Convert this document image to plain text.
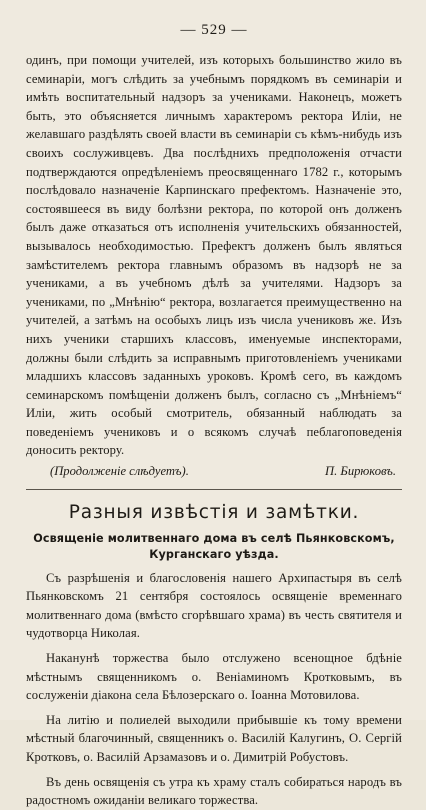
— 529 —

одинъ, при помощи учителей, изъ которыхъ большинство жило въ семинаріи, могъ слѣдить за учебнымъ порядкомъ въ семинаріи и имѣть воспитательный надзоръ за учениками. Наконецъ, можетъ быть, это объясняется личнымъ характеромъ ректора Иліи, не желавшаго раздѣлять своей власти въ семинаріи съ кѣмъ-нибудь изъ своихъ сослуживцевъ. Два послѣднихъ предположенія отчасти подтверждаются опредѣленіемъ преосвященнаго 1782 г., которымъ послѣдовало назначеніе Карпинскаго префектомъ. Назначеніе это, состоявшееся въ виду болѣзни ректора, по которой онъ долженъ былъ даже отказаться отъ исполненія учительскихъ обязанностей, вызывалось необходимостью. Префектъ долженъ былъ являться замѣстителемъ ректора главнымъ образомъ въ надзорѣ не за учениками, а въ учебномъ дѣлѣ за учителями. Надзоръ за учениками, по „Мнѣнію“ ректора, возлагается преимущественно на учителей, а затѣмъ на особыхъ лицъ изъ числа учениковъ же. Изъ нихъ ученики старшихъ классовъ, именуемые инспекторами, должны были слѣдить за исправнымъ приготовленіемъ учениками младшихъ классовъ заданныхъ уроковъ. Кромѣ сего, въ каждомъ семинарскомъ помѣщеніи долженъ былъ, согласно съ „Мнѣніемъ“ Иліи, жить особый смотритель, обязанный наблюдать за поведеніемъ учениковъ и о всякомъ случаѣ пеблагоповеденія доносить ректору.

(Продолженіе слѣдуетъ).	П. Бирюковъ.
Разныя извѣстія и замѣтки.
Освященіе молитвеннаго дома въ селѣ Пьянковскомъ, Курганскаго уѣзда.

Съ разрѣшенія и благословенія нашего Архипастыря въ селѣ Пьянковскомъ 21 сентября состоялось освященіе временнаго молитвеннаго дома (вмѣсто сгорѣвшаго храма) въ честь святителя и чудотворца Николая.

Наканунѣ торжества было отслужено всенощное бдѣніе мѣстнымъ священникомъ о. Веніаминомъ Кротковымъ, въ сослуженіи діакона села Бѣлозерскаго о. Іоанна Мотовилова.

На литію и полиелей выходили прибывшіе къ тому времени мѣстный благочинный, священникъ о. Василій Калугинъ, О. Сергій Кротковъ, о. Василій Арзамазовъ и о. Димитрій Робустовъ.

Въ день освященія съ утра къ храму сталъ собираться народъ въ радостномъ ожиданіи великаго торжества.
